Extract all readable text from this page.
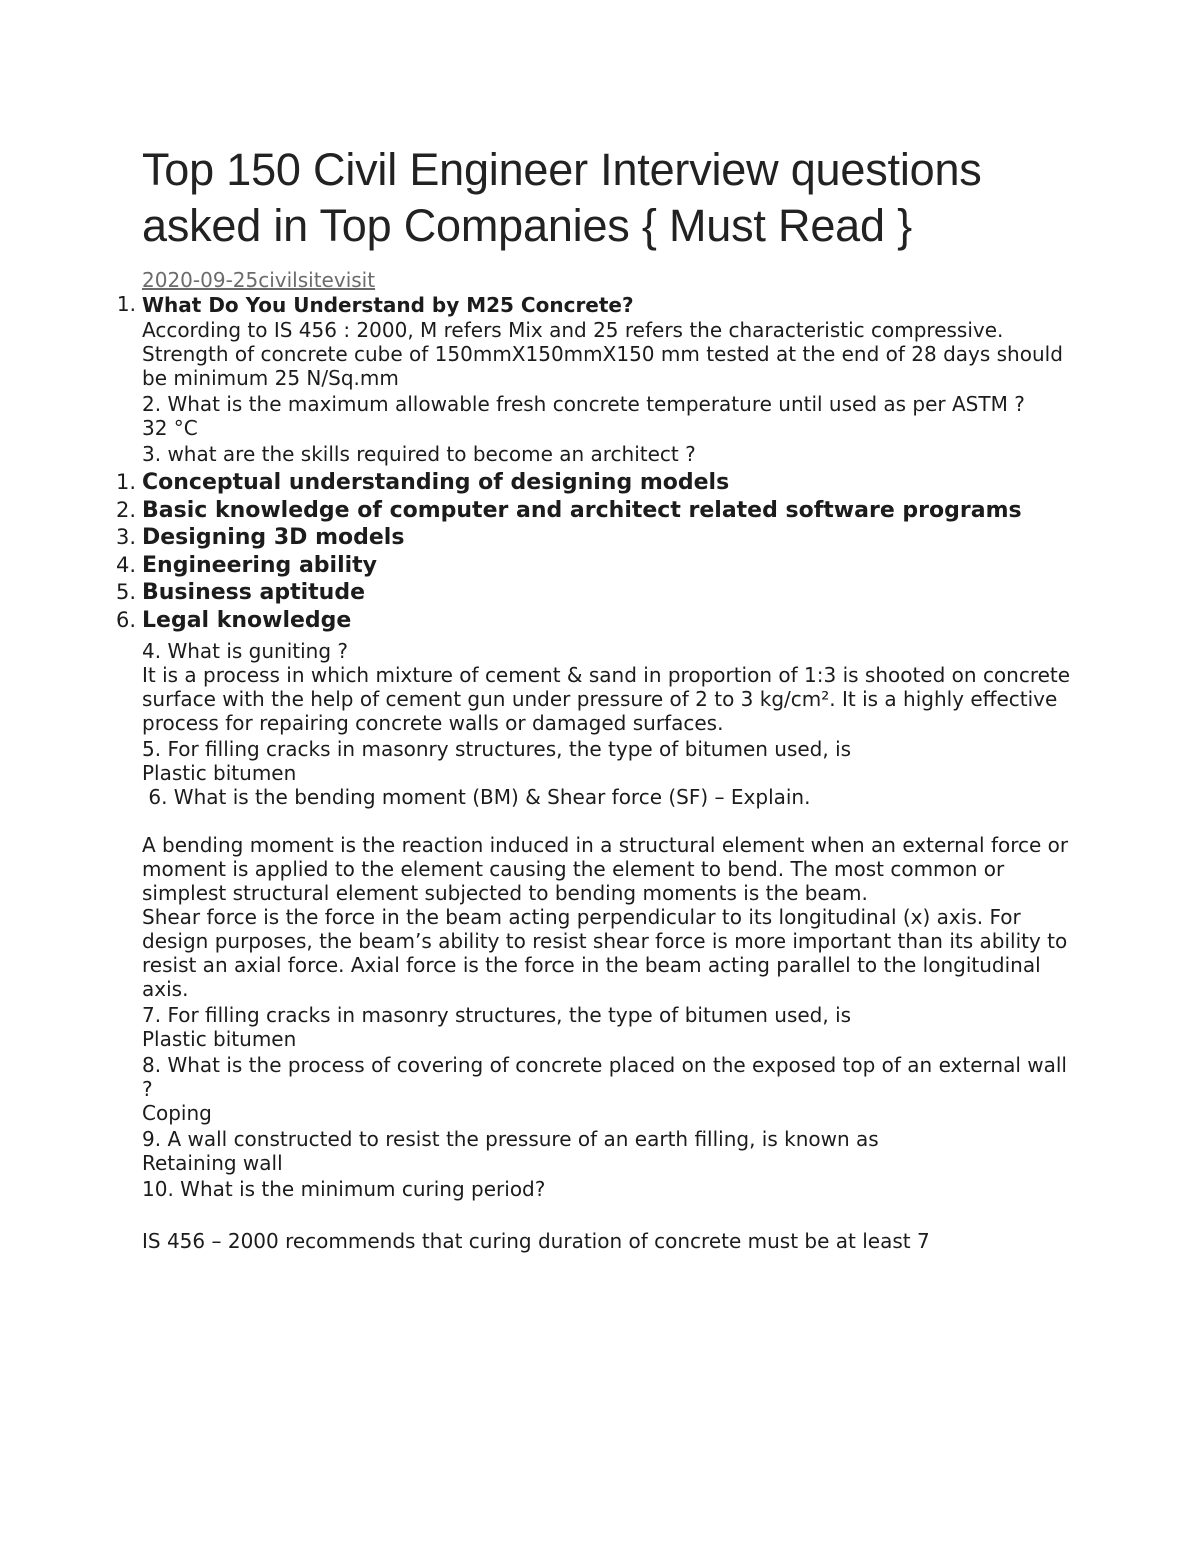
Top 150 Civil Engineer Interview questions asked in Top Companies { Must Read }
2020-09-25civilsitevisit
1. What Do You Understand by M25 Concrete?
According to IS 456 : 2000, M refers Mix and 25 refers the characteristic compressive.
Strength of concrete cube of 150mmX150mmX150 mm tested at the end of 28 days should be minimum 25 N/Sq.mm
2. What is the maximum allowable fresh concrete temperature until used as per ASTM ?
32 °C
3. what are the skills required to become an architect ?
1. Conceptual understanding of designing models
2. Basic knowledge of computer and architect related software programs
3. Designing 3D models
4. Engineering ability
5. Business aptitude
6. Legal knowledge
4. What is guniting ?
It is a process in which mixture of cement & sand in proportion of 1:3 is shooted on concrete surface with the help of cement gun under pressure of 2 to 3 kg/cm². It is a highly effective process for repairing concrete walls or damaged surfaces.
5. For filling cracks in masonry structures, the type of bitumen used, is
Plastic bitumen
6. What is the bending moment (BM) & Shear force (SF) – Explain.
A bending moment is the reaction induced in a structural element when an external force or moment is applied to the element causing the element to bend. The most common or simplest structural element subjected to bending moments is the beam.
Shear force is the force in the beam acting perpendicular to its longitudinal (x) axis. For design purposes, the beam’s ability to resist shear force is more important than its ability to resist an axial force. Axial force is the force in the beam acting parallel to the longitudinal axis.
7. For filling cracks in masonry structures, the type of bitumen used, is
Plastic bitumen
8. What is the process of covering of concrete placed on the exposed top of an external wall ?
Coping
9. A wall constructed to resist the pressure of an earth filling, is known as
Retaining wall
10. What is the minimum curing period?
IS 456 – 2000 recommends that curing duration of concrete must be at least 7
